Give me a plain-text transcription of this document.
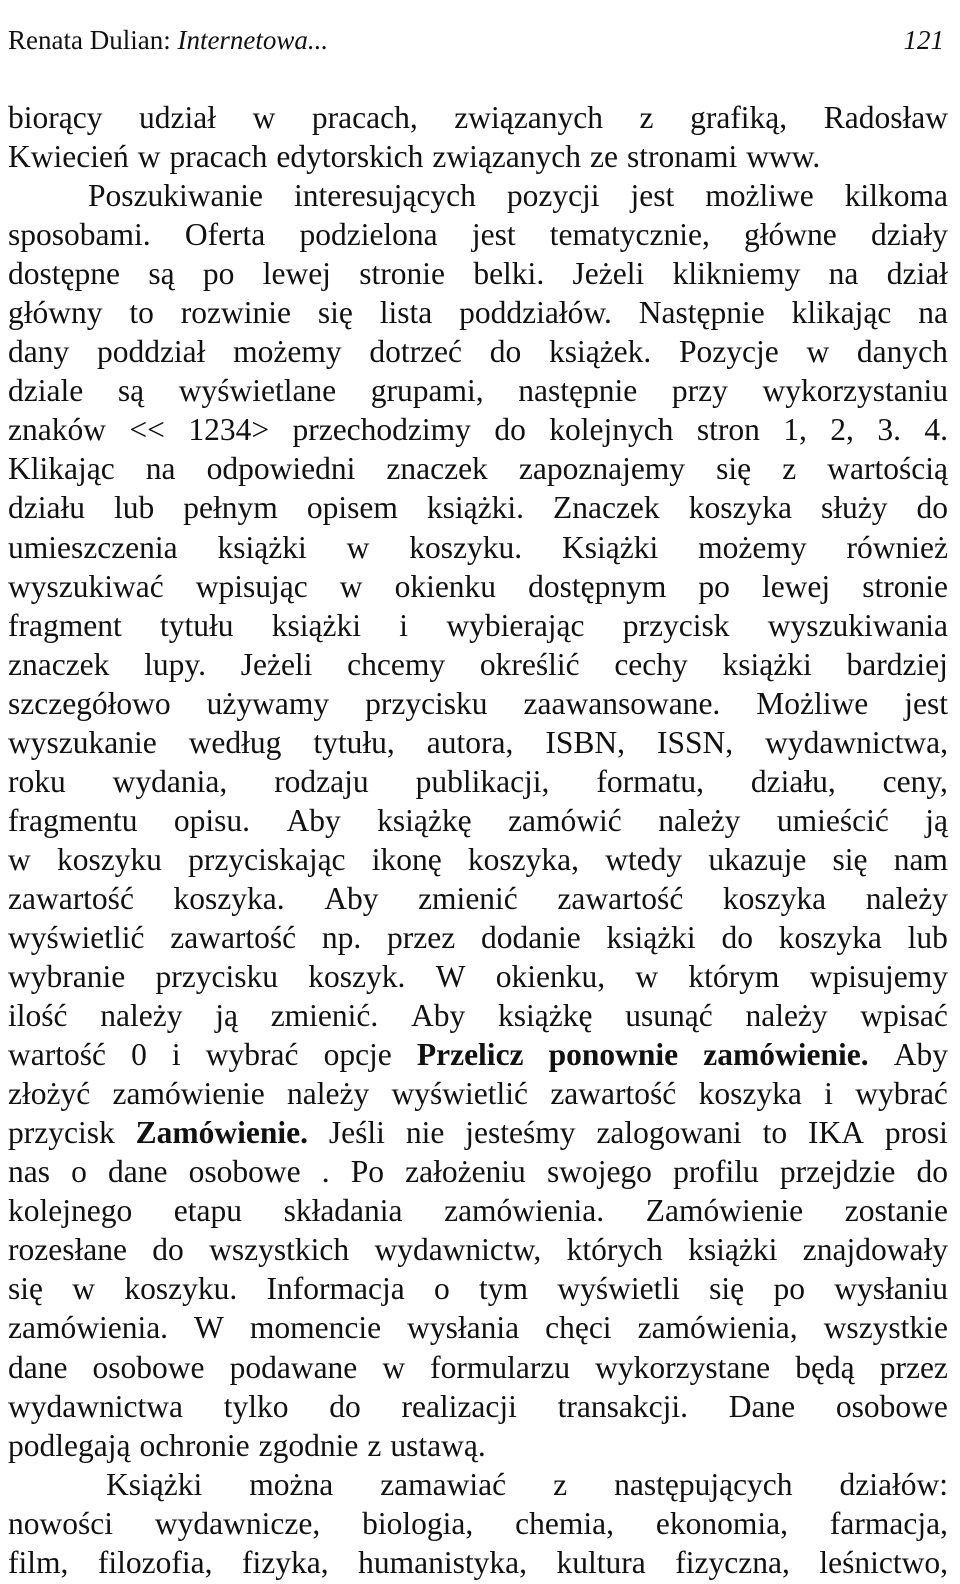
Renata Dulian: Internetowa...	121
biorący udział w pracach, związanych z grafiką, Radosław
Kwiecień w pracach edytorskich związanych ze stronami www.
Poszukiwanie interesujących pozycji jest możliwe kilkoma
sposobami. Oferta podzielona jest tematycznie, główne działy
dostępne są po lewej stronie belki. Jeżeli klikniemy na dział
główny to rozwinie się lista poddziałów. Następnie klikając na
dany poddział możemy dotrzeć do książek. Pozycje w danych
dziale są wyświetlane grupami, następnie przy wykorzystaniu
znaków << 1234> przechodzimy do kolejnych stron 1, 2, 3. 4.
Klikając na odpowiedni znaczek zapoznajemy się z wartością
działu lub pełnym opisem książki. Znaczek koszyka służy do
umieszczenia książki w koszyku. Książki możemy również
wyszukiwać wpisując w okienku dostępnym po lewej stronie
fragment tytułu książki i wybierając przycisk wyszukiwania
znaczek lupy. Jeżeli chcemy określić cechy książki bardziej
szczegółowo używamy przycisku zaawansowane. Możliwe jest
wyszukanie według tytułu, autora, ISBN, ISSN, wydawnictwa,
roku wydania, rodzaju publikacji, formatu, działu, ceny,
fragmentu opisu. Aby książkę zamówić należy umieścić ją
w koszyku przyciskając ikonę koszyka, wtedy ukazuje się nam
zawartość koszyka. Aby zmienić zawartość koszyka należy
wyświetlić zawartość np. przez dodanie książki do koszyka lub
wybranie przycisku koszyk. W okienku, w którym wpisujemy
ilość należy ją zmienić. Aby książkę usunąć należy wpisać
wartość 0 i wybrać opcje Przelicz ponownie zamówienie. Aby
złożyć zamówienie należy wyświetlić zawartość koszyka i wybrać
przycisk Zamówienie. Jeśli nie jesteśmy zalogowani to IKA prosi
nas o dane osobowe . Po założeniu swojego profilu przejdzie do
kolejnego etapu składania zamówienia. Zamówienie zostanie
rozesłane do wszystkich wydawnictw, których książki znajdowały
się w koszyku. Informacja o tym wyświetli się po wysłaniu
zamówienia. W momencie wysłania chęci zamówienia, wszystkie
dane osobowe podawane w formularzu wykorzystane będą przez
wydawnictwa tylko do realizacji transakcji. Dane osobowe
podlegają ochronie zgodnie z ustawą.
Książki można zamawiać z następujących działów:
nowości wydawnicze, biologia, chemia, ekonomia, farmacja,
film, filozofia, fizyka, humanistyka, kultura fizyczna, leśnictwo,
